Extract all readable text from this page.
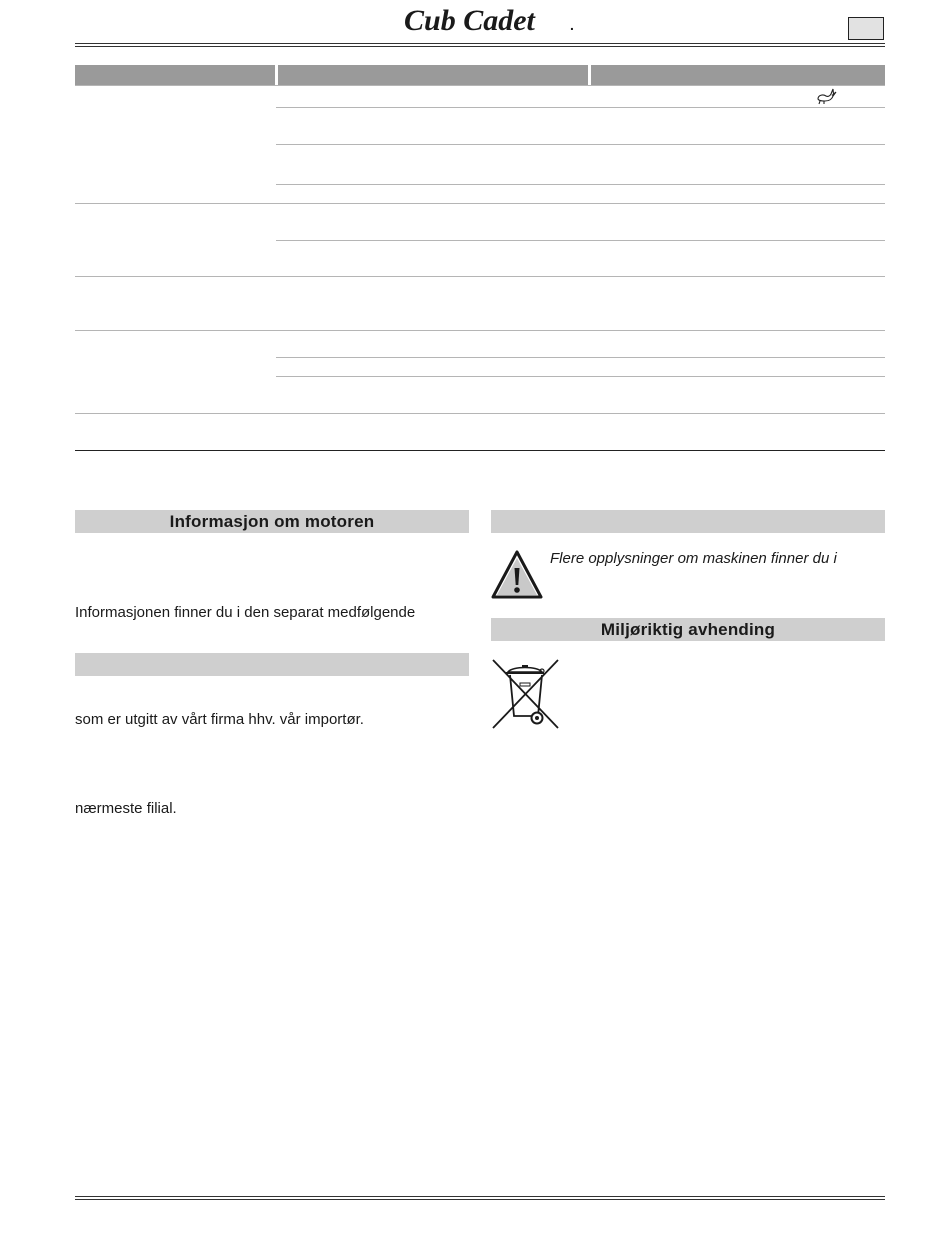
Cub Cadet	.
Informasjon om motoren
Informasjonen finner du i den separat medfølgende
som er utgitt av vårt firma hhv. vår importør.
nærmeste filial.
Flere opplysninger om maskinen finner du i
Miljøriktig avhending
